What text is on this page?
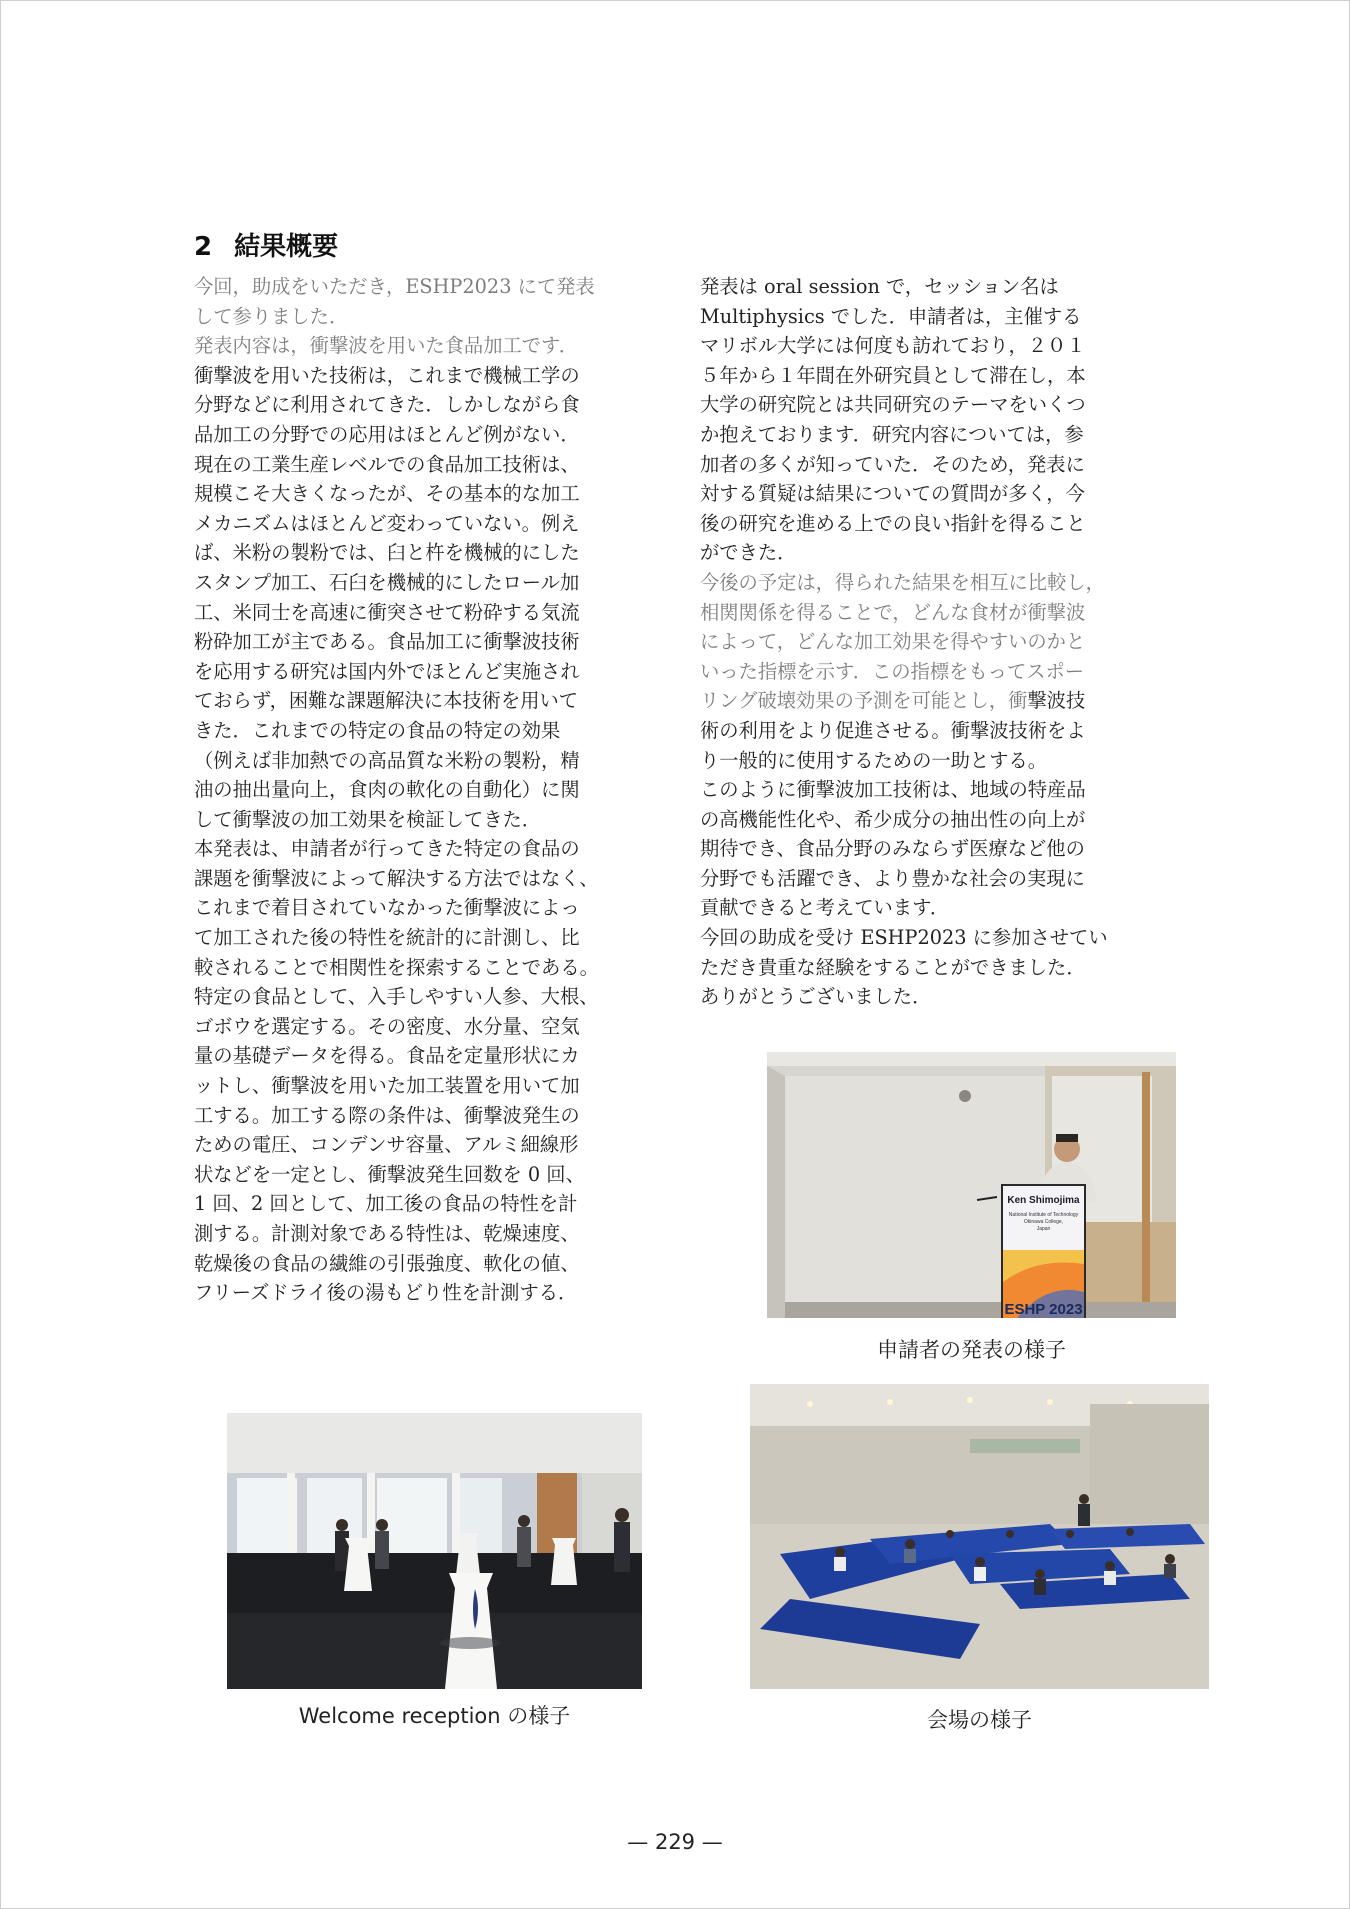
2 結果概要

今回，助成をいただき，ESHP2023 にて発表

して参りました．

発表内容は，衝撃波を用いた食品加工です．

衝撃波を用いた技術は，これまで機械工学の

分野などに利用されてきた．しかしながら食

品加工の分野での応用はほとんど例がない．

現在の工業生産レベルでの食品加工技術は、

規模こそ大きくなったが、その基本的な加工

メカニズムはほとんど変わっていない。例え

ば、米粉の製粉では、臼と杵を機械的にした

スタンプ加工、石臼を機械的にしたロール加

工、米同士を高速に衝突させて粉砕する気流

粉砕加工が主である。食品加工に衝撃波技術

を応用する研究は国内外でほとんど実施され

ておらず，困難な課題解決に本技術を用いて

きた．これまでの特定の食品の特定の効果

（例えば非加熱での高品質な米粉の製粉，精

油の抽出量向上，食肉の軟化の自動化）に関

して衝撃波の加工効果を検証してきた．

本発表は、申請者が行ってきた特定の食品の

課題を衝撃波によって解決する方法ではなく、

これまで着目されていなかった衝撃波によっ

て加工された後の特性を統計的に計測し、比

較されることで相関性を探索することである。

特定の食品として、入手しやすい人参、大根、

ゴボウを選定する。その密度、水分量、空気

量の基礎データを得る。食品を定量形状にカ

ットし、衝撃波を用いた加工装置を用いて加

工する。加工する際の条件は、衝撃波発生の

ための電圧、コンデンサ容量、アルミ細線形

状などを一定とし、衝撃波発生回数を 0 回、

1 回、2 回として、加工後の食品の特性を計

測する。計測対象である特性は、乾燥速度、

乾燥後の食品の繊維の引張強度、軟化の値、

フリーズドライ後の湯もどり性を計測する．

発表は oral session で，セッション名は

Multiphysics でした．申請者は，主催する

マリボル大学には何度も訪れており，２０１

５年から１年間在外研究員として滞在し，本

大学の研究院とは共同研究のテーマをいくつ

か抱えております．研究内容については，参

加者の多くが知っていた．そのため，発表に

対する質疑は結果についての質問が多く，今

後の研究を進める上での良い指針を得ること

ができた．

今後の予定は，得られた結果を相互に比較し，

相関関係を得ることで，どんな食材が衝撃波

によって，どんな加工効果を得やすいのかと

いった指標を示す．この指標をもってスポー

リング破壊効果の予測を可能とし，衝撃波技

術の利用をより促進させる。衝撃波技術をよ

り一般的に使用するための一助とする。

このように衝撃波加工技術は、地域の特産品

の高機能性化や、希少成分の抽出性の向上が

期待でき、食品分野のみならず医療など他の

分野でも活躍でき、より豊かな社会の実現に

貢献できると考えています．

今回の助成を受け ESHP2023 に参加させてい

ただき貴重な経験をすることができました．

ありがとうございました．

Ken Shimojima
National Institute of Technology
Okinawa College,
Japan
ESHP 2023
申請者の発表の様子
Welcome reception の様子	会場の様子
— 229 —
